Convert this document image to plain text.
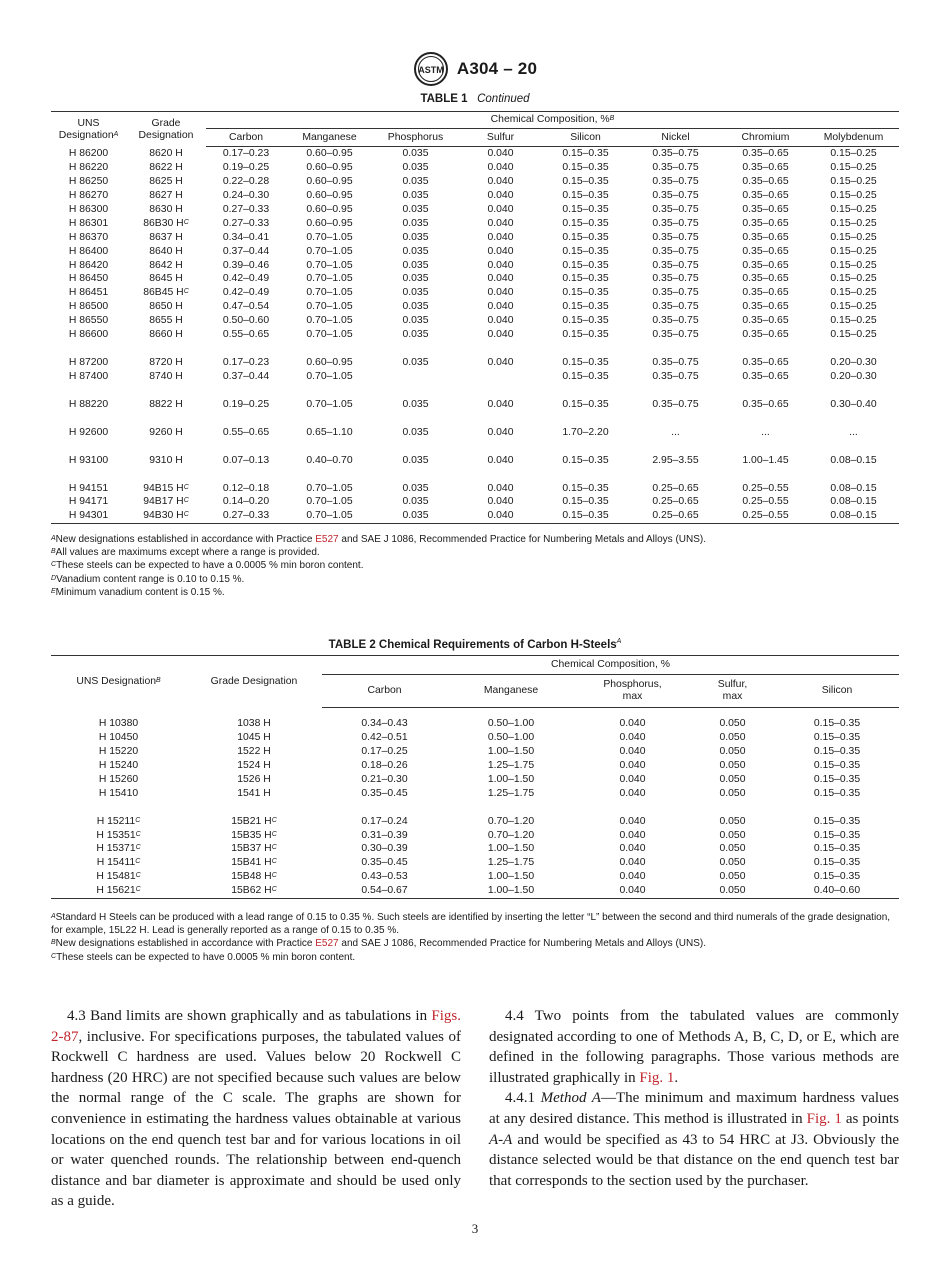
ASTM A304 – 20
TABLE 1 Continued
UNS
Designation$^A$	Grade
Designation	Chemical Composition, %$^B$
		Carbon	Manganese	Phosphorus	Sulfur	Silicon	Nickel	Chromium	Molybdenum
H 86200	8620 H	0.17–0.23	0.60–0.95	0.035	0.040	0.15–0.35	0.35–0.75	0.35–0.65	0.15–0.25
H 86220	8622 H	0.19–0.25	0.60–0.95	0.035	0.040	0.15–0.35	0.35–0.75	0.35–0.65	0.15–0.25
H 86250	8625 H	0.22–0.28	0.60–0.95	0.035	0.040	0.15–0.35	0.35–0.75	0.35–0.65	0.15–0.25
H 86270	8627 H	0.24–0.30	0.60–0.95	0.035	0.040	0.15–0.35	0.35–0.75	0.35–0.65	0.15–0.25
H 86300	8630 H	0.27–0.33	0.60–0.95	0.035	0.040	0.15–0.35	0.35–0.75	0.35–0.65	0.15–0.25
H 86301	86B30 $H^C$	0.27–0.33	0.60–0.95	0.035	0.040	0.15–0.35	0.35–0.75	0.35–0.65	0.15–0.25
H 86370	8637 H	0.34–0.41	0.70–1.05	0.035	0.040	0.15–0.35	0.35–0.75	0.35–0.65	0.15–0.25
H 86400	8640 H	0.37–0.44	0.70–1.05	0.035	0.040	0.15–0.35	0.35–0.75	0.35–0.65	0.15–0.25
H 86420	8642 H	0.39–0.46	0.70–1.05	0.035	0.040	0.15–0.35	0.35–0.75	0.35–0.65	0.15–0.25
H 86450	8645 H	0.42–0.49	0.70–1.05	0.035	0.040	0.15–0.35	0.35–0.75	0.35–0.65	0.15–0.25
H 86451	86B45 $H^C$	0.42–0.49	0.70–1.05	0.035	0.040	0.15–0.35	0.35–0.75	0.35–0.65	0.15–0.25
H 86500	8650 H	0.47–0.54	0.70–1.05	0.035	0.040	0.15–0.35	0.35–0.75	0.35–0.65	0.15–0.25
H 86550	8655 H	0.50–0.60	0.70–1.05	0.035	0.040	0.15–0.35	0.35–0.75	0.35–0.65	0.15–0.25
H 86600	8660 H	0.55–0.65	0.70–1.05	0.035	0.040	0.15–0.35	0.35–0.75	0.35–0.65	0.15–0.25

H 87200	8720 H	0.17–0.23	0.60–0.95	0.035	0.040	0.15–0.35	0.35–0.75	0.35–0.65	0.20–0.30
H 87400	8740 H	0.37–0.44	0.70–1.05			0.15–0.35	0.35–0.75	0.35–0.65	0.20–0.30

H 88220	8822 H	0.19–0.25	0.70–1.05	0.035	0.040	0.15–0.35	0.35–0.75	0.35–0.65	0.30–0.40

H 92600	9260 H	0.55–0.65	0.65–1.10	0.035	0.040	1.70–2.20	...	...	...

H 93100	9310 H	0.07–0.13	0.40–0.70	0.035	0.040	0.15–0.35	2.95–3.55	1.00–1.45	0.08–0.15

H 94151	94B15 $H^C$	0.12–0.18	0.70–1.05	0.035	0.040	0.15–0.35	0.25–0.65	0.25–0.55	0.08–0.15
H 94171	94B17 $H^C$	0.14–0.20	0.70–1.05	0.035	0.040	0.15–0.35	0.25–0.65	0.25–0.55	0.08–0.15
H 94301	94B30 $H^C$	0.27–0.33	0.70–1.05	0.035	0.040	0.15–0.35	0.25–0.65	0.25–0.55	0.08–0.15
$^A$New designations established in accordance with Practice E527 and SAE J 1086, Recommended Practice for Numbering Metals and Alloys (UNS).
$^B$All values are maximums except where a range is provided.
$^C$These steels can be expected to have a 0.0005 % min boron content.
$^D$Vanadium content range is 0.10 to 0.15 %.
$^E$Minimum vanadium content is 0.15 %.
TABLE 2 Chemical Requirements of Carbon H-Steels$^A$
UNS Designation$^B$	Grade Designation	Chemical Composition, %				
		Carbon	Manganese	Phosphorus,
max	Sulfur,
max	Silicon

H 10380	1038 H	0.34–0.43	0.50–1.00	0.040	0.050	0.15–0.35
H 10450	1045 H	0.42–0.51	0.50–1.00	0.040	0.050	0.15–0.35
H 15220	1522 H	0.17–0.25	1.00–1.50	0.040	0.050	0.15–0.35
H 15240	1524 H	0.18–0.26	1.25–1.75	0.040	0.050	0.15–0.35
H 15260	1526 H	0.21–0.30	1.00–1.50	0.040	0.050	0.15–0.35
H 15410	1541 H	0.35–0.45	1.25–1.75	0.040	0.050	0.15–0.35

H $15211^C$	15B21 $H^C$	0.17–0.24	0.70–1.20	0.040	0.050	0.15–0.35
H $15351^C$	15B35 $H^C$	0.31–0.39	0.70–1.20	0.040	0.050	0.15–0.35
H $15371^C$	15B37 $H^C$	0.30–0.39	1.00–1.50	0.040	0.050	0.15–0.35
H $15411^C$	15B41 $H^C$	0.35–0.45	1.25–1.75	0.040	0.050	0.15–0.35
H $15481^C$	15B48 $H^C$	0.43–0.53	1.00–1.50	0.040	0.050	0.15–0.35
H $15621^C$	15B62 $H^C$	0.54–0.67	1.00–1.50	0.040	0.050	0.40–0.60
$^A$Standard H Steels can be produced with a lead range of 0.15 to 0.35 %. Such steels are identified by inserting the letter “L” between the second and third numerals of the grade designation, for example, 15L22 H. Lead is generally reported as a range of 0.15 to 0.35 %.
$^B$New designations established in accordance with Practice E527 and SAE J 1086, Recommended Practice for Numbering Metals and Alloys (UNS).
$^C$These steels can be expected to have 0.0005 % min boron content.

4.3 Band limits are shown graphically and as tabulations in Figs. 2-87, inclusive. For specifications purposes, the tabulated values of Rockwell C hardness are used. Values below 20 Rockwell C hardness (20 HRC) are not specified because such values are below the normal range of the C scale. The graphs are shown for convenience in estimating the hardness values obtainable at various locations on the end quench test bar and for various locations in oil or water quenched rounds. The relationship between end-quench distance and bar diameter is approximate and should be used only as a guide.

4.4 Two points from the tabulated values are commonly designated according to one of Methods A, B, C, D, or E, which are defined in the following paragraphs. Those various methods are illustrated graphically in Fig. 1.

4.4.1 Method A—The minimum and maximum hardness values at any desired distance. This method is illustrated in Fig. 1 as points A-A and would be specified as 43 to 54 HRC at J3. Obviously the distance selected would be that distance on the end quench test bar that corresponds to the section used by the purchaser.

3
